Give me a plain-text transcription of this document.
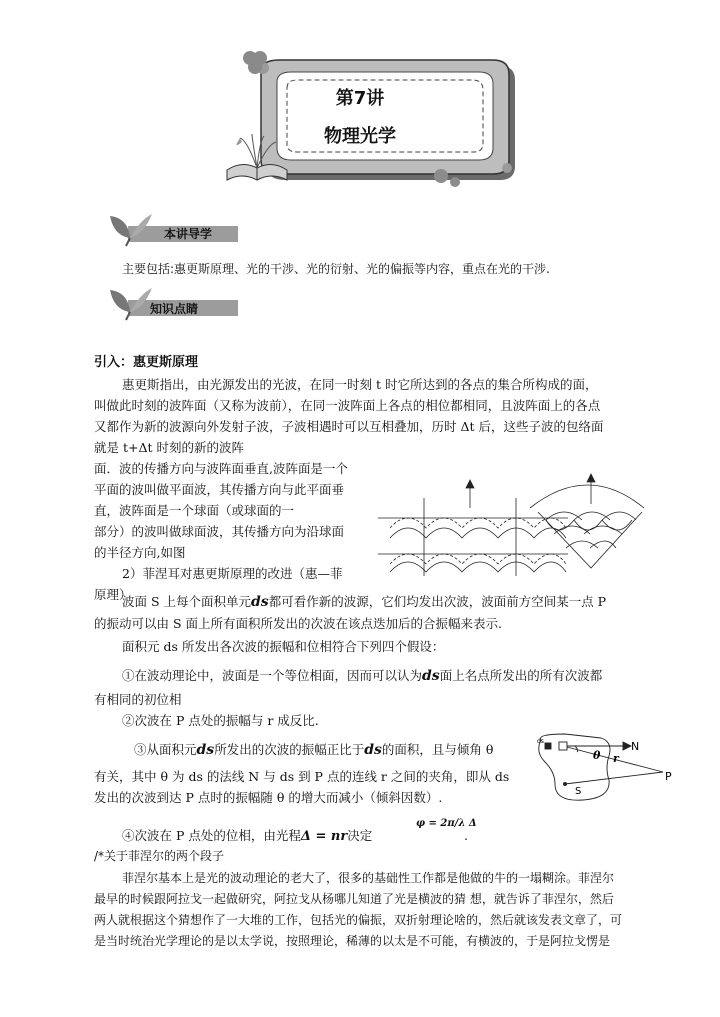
第7讲
物理光学
本讲导学
主要包括:惠更斯原理、光的干涉、光的衍射、光的偏振等内容，重点在光的干涉.
知识点睛
引入：惠更斯原理
惠更斯指出，由光源发出的光波，在同一时刻 t 时它所达到的各点的集合所构成的面，
叫做此时刻的波阵面（又称为波前），在同一波阵面上各点的相位都相同，且波阵面上的各点
又都作为新的波源向外发射子波，子波相遇时可以互相叠加，历时 Δt 后，这些子波的包络面
就是 t+Δt 时刻的新的波阵
面．波的传播方向与波阵面垂直,波阵面是一个
平面的波叫做平面波，其传播方向与此平面垂
直，波阵面是一个球面（或球面的一
部分）的波叫做球面波，其传播方向为沿球面
的半径方向,如图
2）菲涅耳对惠更斯原理的改进（惠—菲
原理）
波面 S 上每个面积单元ds都可看作新的波源，它们均发出次波，波面前方空间某一点 P
的振动可以由 S 面上所有面积所发出的次波在该点迭加后的合振幅来表示.
面积元 ds 所发出各次波的振幅和位相符合下列四个假设：
①在波动理论中，波面是一个等位相面，因而可以认为ds面上名点所发出的所有次波都
有相同的初位相
②次波在 P 点处的振幅与 r 成反比.
③从面积元ds所发出的次波的振幅正比于ds的面积，且与倾角 θ
有关，其中 θ 为 ds 的法线 N 与 ds 到 P 点的连线 r 之间的夹角，即从 ds
发出的次波到达 P 点时的振幅随 θ 的增大而减小（倾斜因数）.
N
P
S
θ r
ds
④次波在 P 点处的位相，由光程Δ = nr决定
φ = 2π/λ Δ
.
/*关于菲涅尔的两个段子
菲涅尔基本上是光的波动理论的老大了，很多的基础性工作都是他做的牛的一塌糊涂。菲涅尔
最早的时候跟阿拉戈一起做研究，阿拉戈从杨哪儿知道了光是横波的猜 想，就告诉了菲涅尔，然后
两人就根据这个猜想作了一大堆的工作，包括光的偏振，双折射理论啥的，然后就该发表文章了，可
是当时统治光学理论的是以太学说，按照理论，稀薄的以太是不可能，有横波的，于是阿拉戈愣是
